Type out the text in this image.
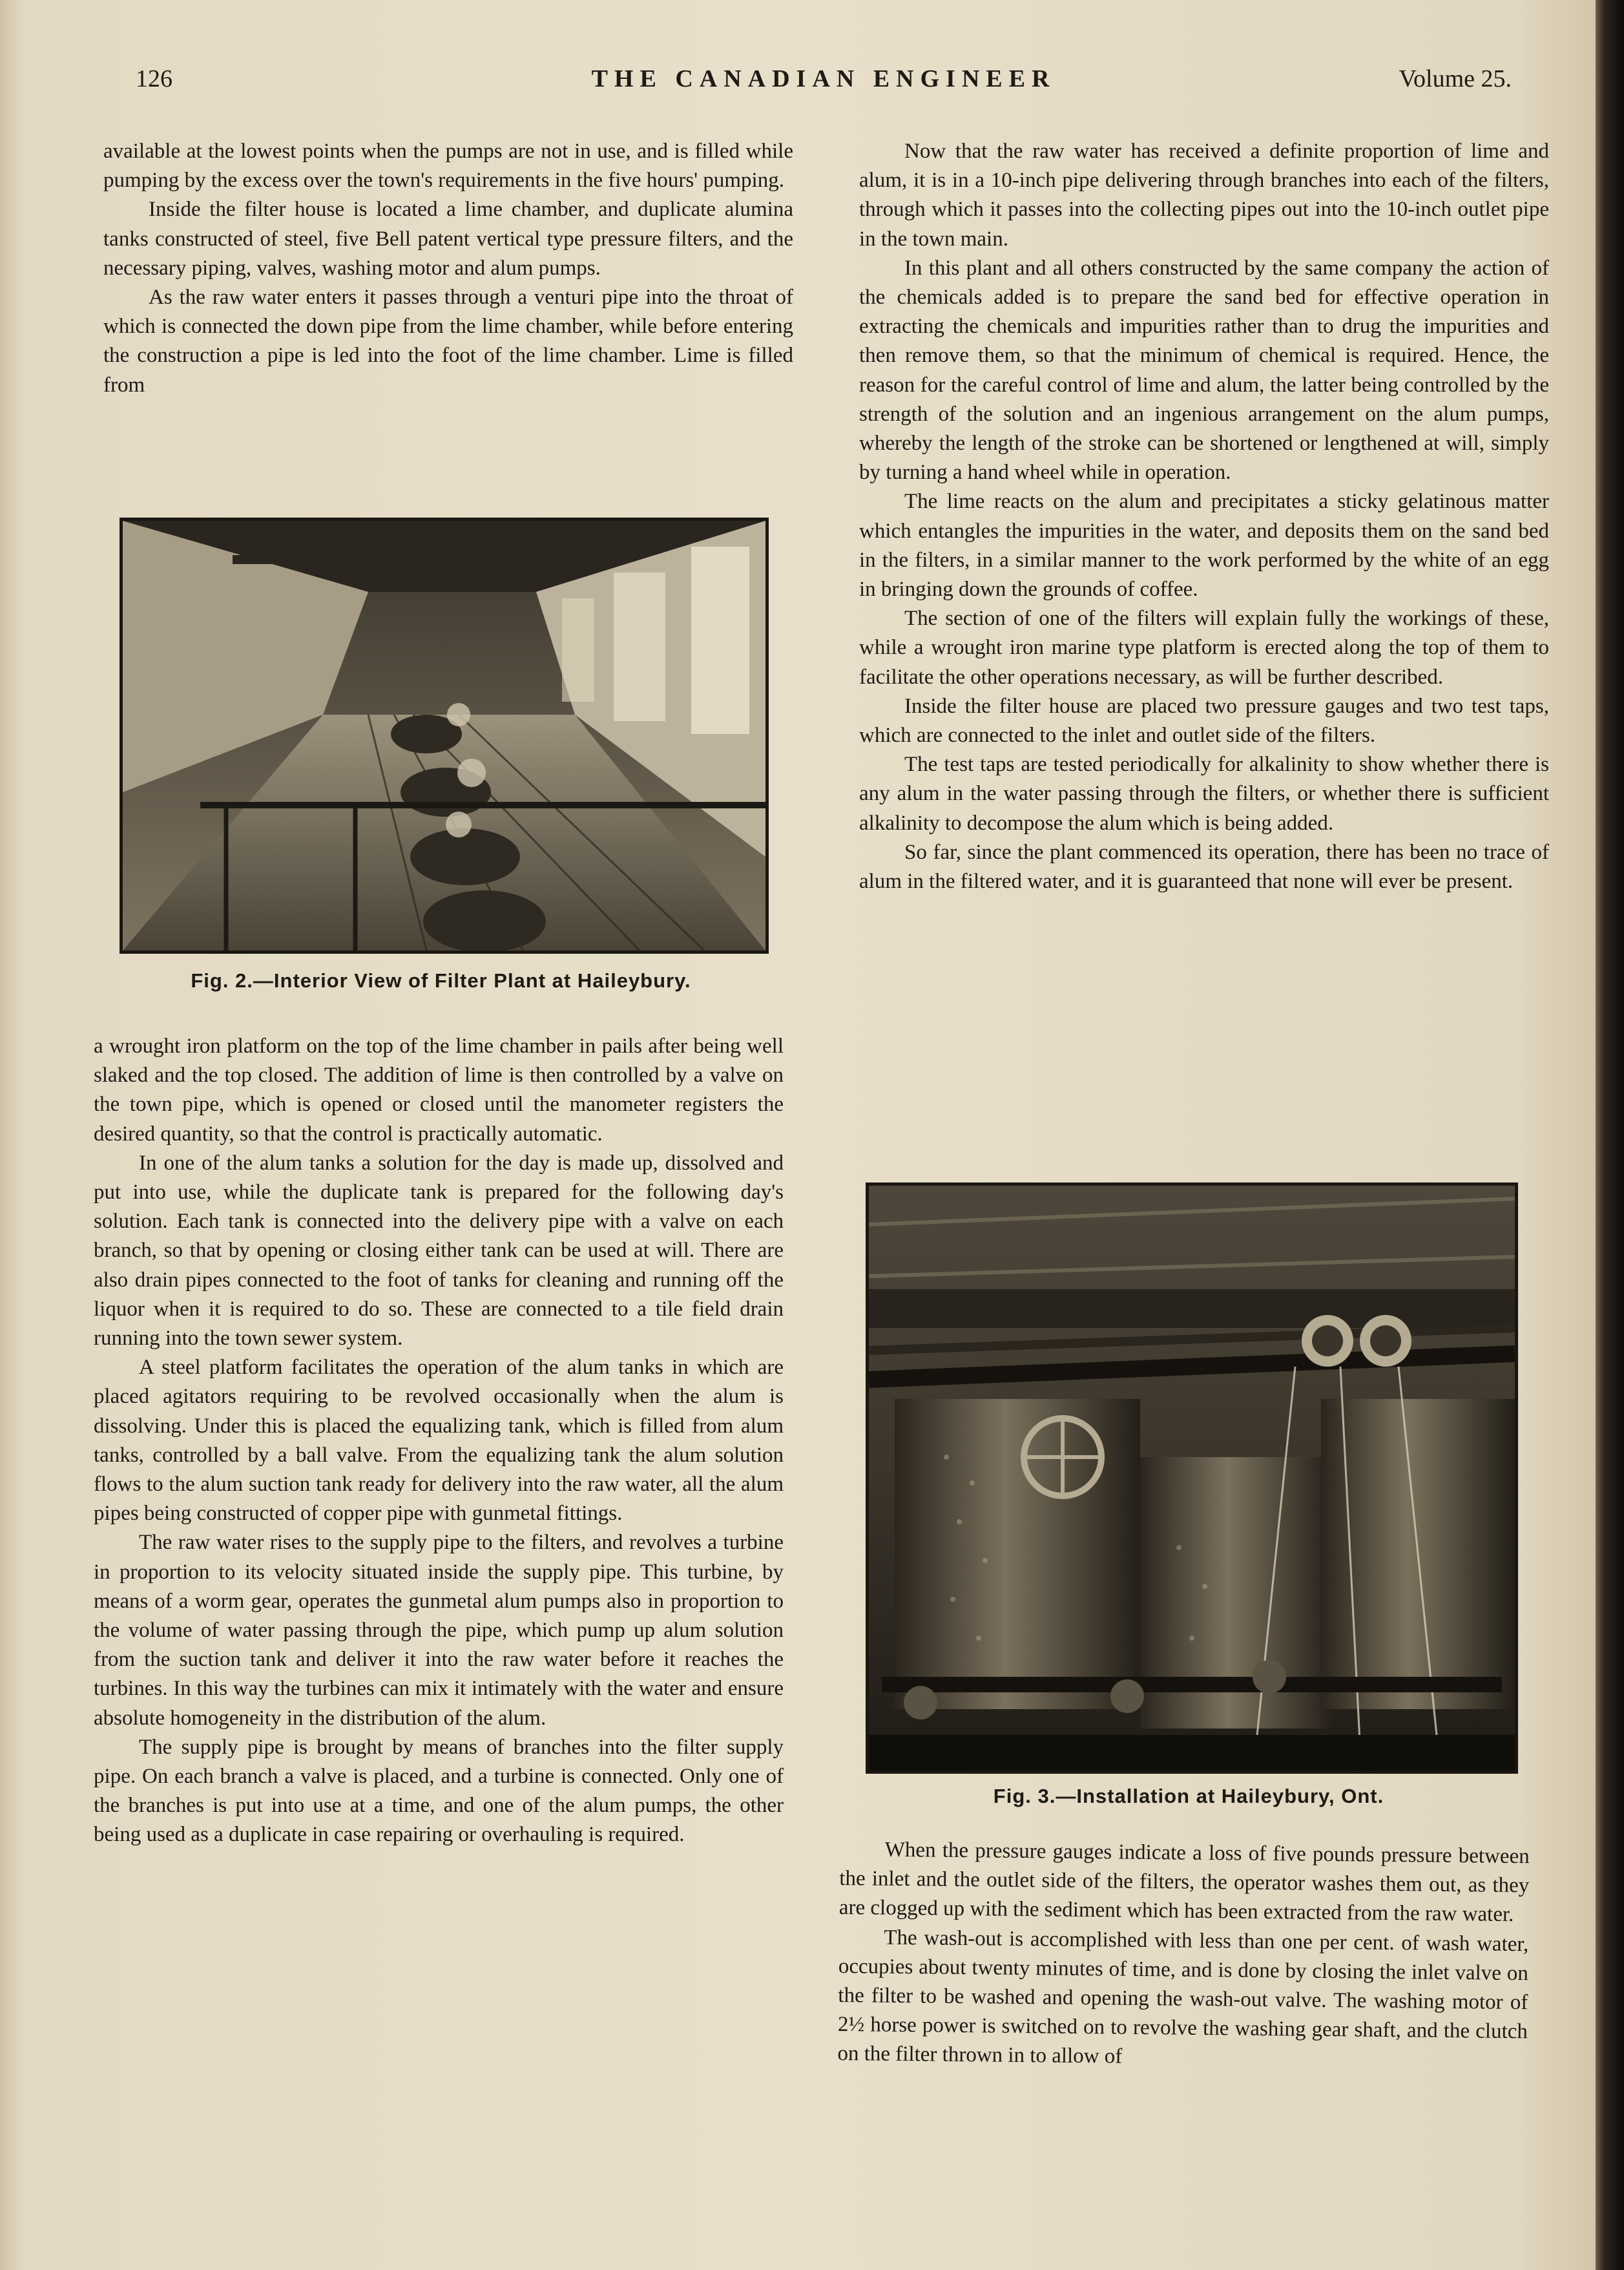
126	THE CANADIAN ENGINEER	Volume 25.

available at the lowest points when the pumps are not in use, and is filled while pumping by the excess over the town's requirements in the five hours' pumping.

Inside the filter house is located a lime chamber, and duplicate alumina tanks constructed of steel, five Bell patent vertical type pressure filters, and the necessary piping, valves, washing motor and alum pumps.

As the raw water enters it passes through a venturi pipe into the throat of which is connected the down pipe from the lime chamber, while before entering the construction a pipe is led into the foot of the lime chamber. Lime is filled from

Fig. 2.—Interior View of Filter Plant at Haileybury.

a wrought iron platform on the top of the lime chamber in pails after being well slaked and the top closed. The addition of lime is then controlled by a valve on the town pipe, which is opened or closed until the manometer registers the desired quantity, so that the control is practically automatic.

In one of the alum tanks a solution for the day is made up, dissolved and put into use, while the duplicate tank is prepared for the following day's solution. Each tank is connected into the delivery pipe with a valve on each branch, so that by opening or closing either tank can be used at will. There are also drain pipes connected to the foot of tanks for cleaning and running off the liquor when it is required to do so. These are connected to a tile field drain running into the town sewer system.

A steel platform facilitates the operation of the alum tanks in which are placed agitators requiring to be revolved occasionally when the alum is dissolving. Under this is placed the equalizing tank, which is filled from alum tanks, controlled by a ball valve. From the equalizing tank the alum solution flows to the alum suction tank ready for delivery into the raw water, all the alum pipes being constructed of copper pipe with gunmetal fittings.

The raw water rises to the supply pipe to the filters, and revolves a turbine in proportion to its velocity situated inside the supply pipe. This turbine, by means of a worm gear, operates the gunmetal alum pumps also in proportion to the volume of water passing through the pipe, which pump up alum solution from the suction tank and deliver it into the raw water before it reaches the turbines. In this way the turbines can mix it intimately with the water and ensure absolute homogeneity in the distribution of the alum.

The supply pipe is brought by means of branches into the filter supply pipe. On each branch a valve is placed, and a turbine is connected. Only one of the branches is put into use at a time, and one of the alum pumps, the other being used as a duplicate in case repairing or overhauling is required.

Now that the raw water has received a definite proportion of lime and alum, it is in a 10-inch pipe delivering through branches into each of the filters, through which it passes into the collecting pipes out into the 10-inch outlet pipe in the town main.

In this plant and all others constructed by the same company the action of the chemicals added is to prepare the sand bed for effective operation in extracting the chemicals and impurities rather than to drug the impurities and then remove them, so that the minimum of chemical is required. Hence, the reason for the careful control of lime and alum, the latter being controlled by the strength of the solution and an ingenious arrangement on the alum pumps, whereby the length of the stroke can be shortened or lengthened at will, simply by turning a hand wheel while in operation.

The lime reacts on the alum and precipitates a sticky gelatinous matter which entangles the impurities in the water, and deposits them on the sand bed in the filters, in a similar manner to the work performed by the white of an egg in bringing down the grounds of coffee.

The section of one of the filters will explain fully the workings of these, while a wrought iron marine type platform is erected along the top of them to facilitate the other operations necessary, as will be further described.

Inside the filter house are placed two pressure gauges and two test taps, which are connected to the inlet and outlet side of the filters.

The test taps are tested periodically for alkalinity to show whether there is any alum in the water passing through the filters, or whether there is sufficient alkalinity to decompose the alum which is being added.

So far, since the plant commenced its operation, there has been no trace of alum in the filtered water, and it is guaranteed that none will ever be present.

Fig. 3.—Installation at Haileybury, Ont.

When the pressure gauges indicate a loss of five pounds pressure between the inlet and the outlet side of the filters, the operator washes them out, as they are clogged up with the sediment which has been extracted from the raw water.

The wash-out is accomplished with less than one per cent. of wash water, occupies about twenty minutes of time, and is done by closing the inlet valve on the filter to be washed and opening the wash-out valve. The washing motor of 2½ horse power is switched on to revolve the washing gear shaft, and the clutch on the filter thrown in to allow of
